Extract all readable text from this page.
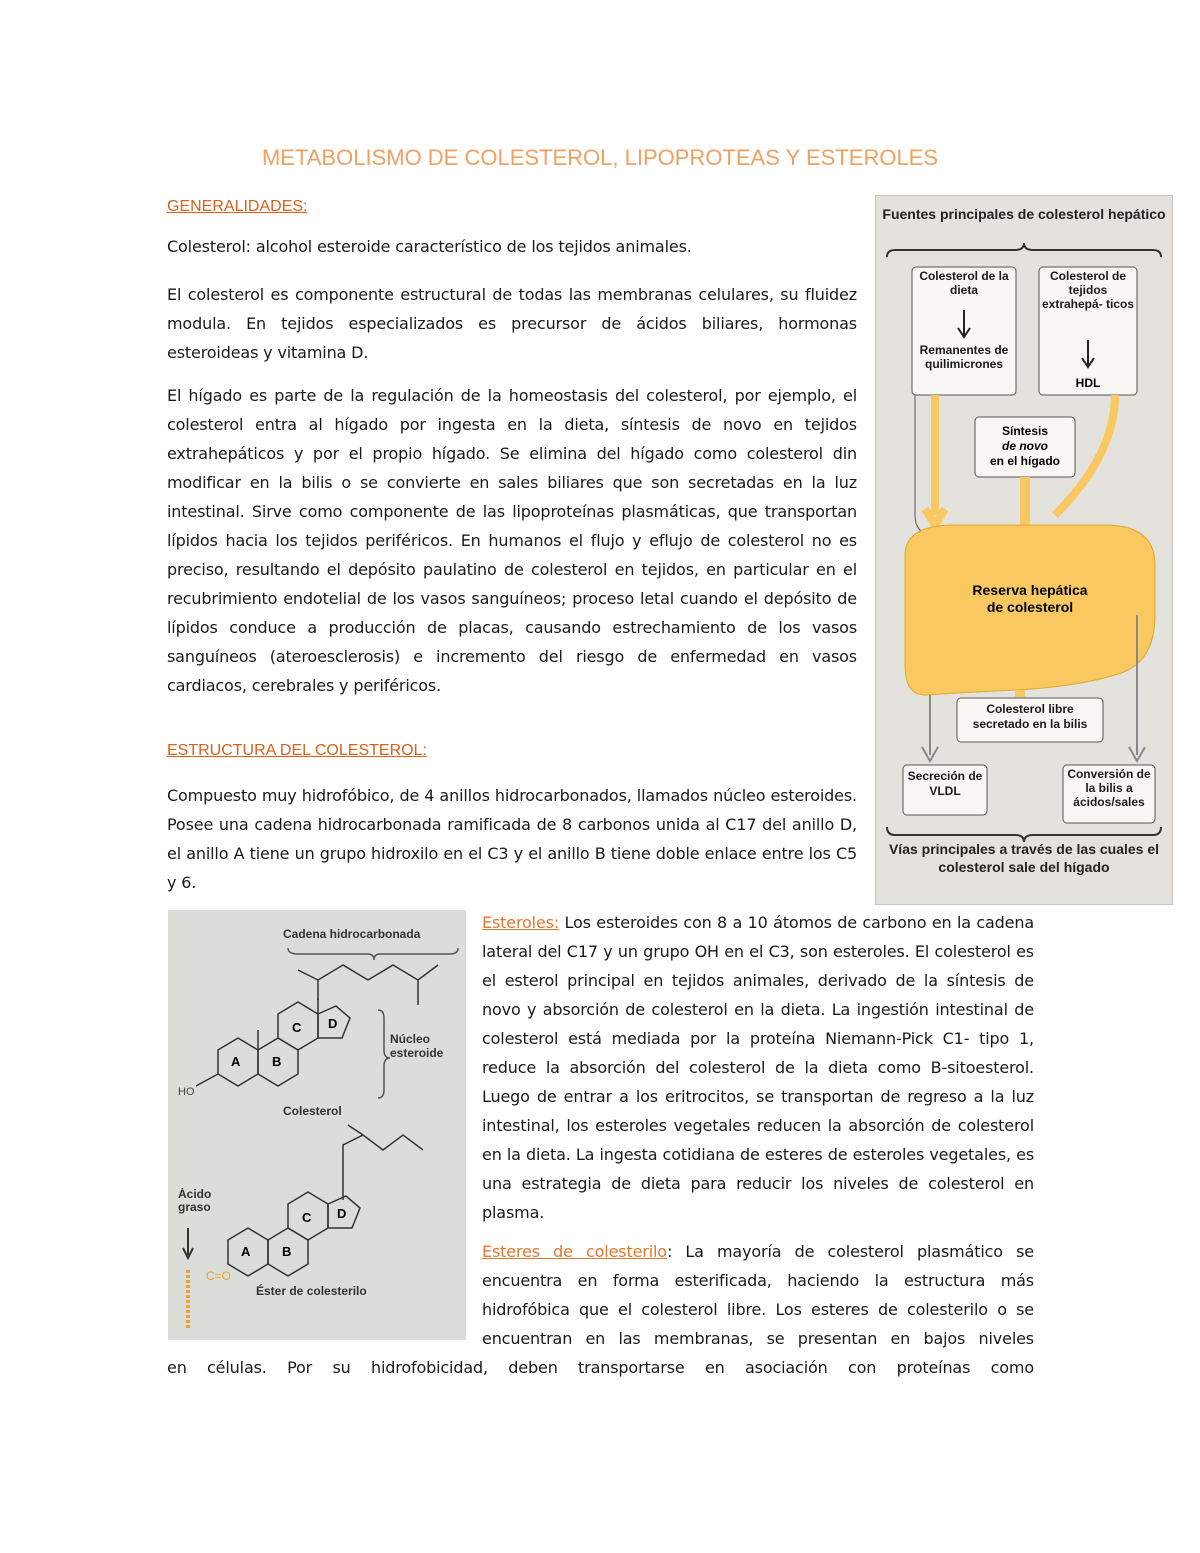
METABOLISMO DE COLESTEROL, LIPOPROTEAS Y ESTEROLES
GENERALIDADES:

Colesterol: alcohol esteroide característico de los tejidos animales.

El colesterol es componente estructural de todas las membranas celulares, su fluidez modula. En tejidos especializados es precursor de ácidos biliares, hormonas esteroideas y vitamina D.

El hígado es parte de la regulación de la homeostasis del colesterol, por ejemplo, el colesterol entra al hígado por ingesta en la dieta, síntesis de novo en tejidos extrahepáticos y por el propio hígado. Se elimina del hígado como colesterol din modificar en la bilis o se convierte en sales biliares que son secretadas en la luz intestinal. Sirve como componente de las lipoproteínas plasmáticas, que transportan lípidos hacia los tejidos periféricos. En humanos el flujo y eflujo de colesterol no es preciso, resultando el depósito paulatino de colesterol en tejidos, en particular en el recubrimiento endotelial de los vasos sanguíneos; proceso letal cuando el depósito de lípidos conduce a producción de placas, causando estrechamiento de los vasos sanguíneos (ateroesclerosis) e incremento del riesgo de enfermedad en vasos cardiacos, cerebrales y periféricos.

ESTRUCTURA DEL COLESTEROL:

Compuesto muy hidrofóbico, de 4 anillos hidrocarbonados, llamados núcleo esteroides. Posee una cadena hidrocarbonada ramificada de 8 carbonos unida al C17 del anillo D, el anillo A tiene un grupo hidroxilo en el C3 y el anillo B tiene doble enlace entre los C5 y 6.

Esteroles: Los esteroides con 8 a 10 átomos de carbono en la cadena lateral del C17 y un grupo OH en el C3, son esteroles. El colesterol es el esterol principal en tejidos animales, derivado de la síntesis de novo y absorción de colesterol en la dieta. La ingestión intestinal de colesterol está mediada por la proteína Niemann-Pick C1- tipo 1, reduce la absorción del colesterol de la dieta como B-sitoesterol. Luego de entrar a los eritrocitos, se transportan de regreso a la luz intestinal, los esteroles vegetales reducen la absorción de colesterol en la dieta. La ingesta cotidiana de esteres de esteroles vegetales, es una estrategia de dieta para reducir los niveles de colesterol en plasma.

Esteres de colesterilo: La mayoría de colesterol plasmático se encuentra en forma esterificada, haciendo la estructura más hidrofóbica que el colesterol libre. Los esteres de colesterilo o se encuentran en las membranas, se presentan en bajos niveles

en células. Por su hidrofobicidad, deben transportarse en asociación con proteínas como

Fuentes principales de colesterol hepático
Colesterol de la dieta
Remanentes de quilimicrones
Colesterol de tejidos extrahepá- ticos
HDL
Síntesis
de novo
en el hígado
Reserva hepática
de colesterol
Colesterol libre secretado en la bilis
Secreción de VLDL
Conversión de la bilis a ácidos/sales
Vías principales a través de las cuales el colesterol sale del hígado
Cadena hidrocarbonada
A B
C D
HO
Núcleo esteroide
Colesterol
A B
C D
Ácido graso
C=O
Éster de colesterilo
